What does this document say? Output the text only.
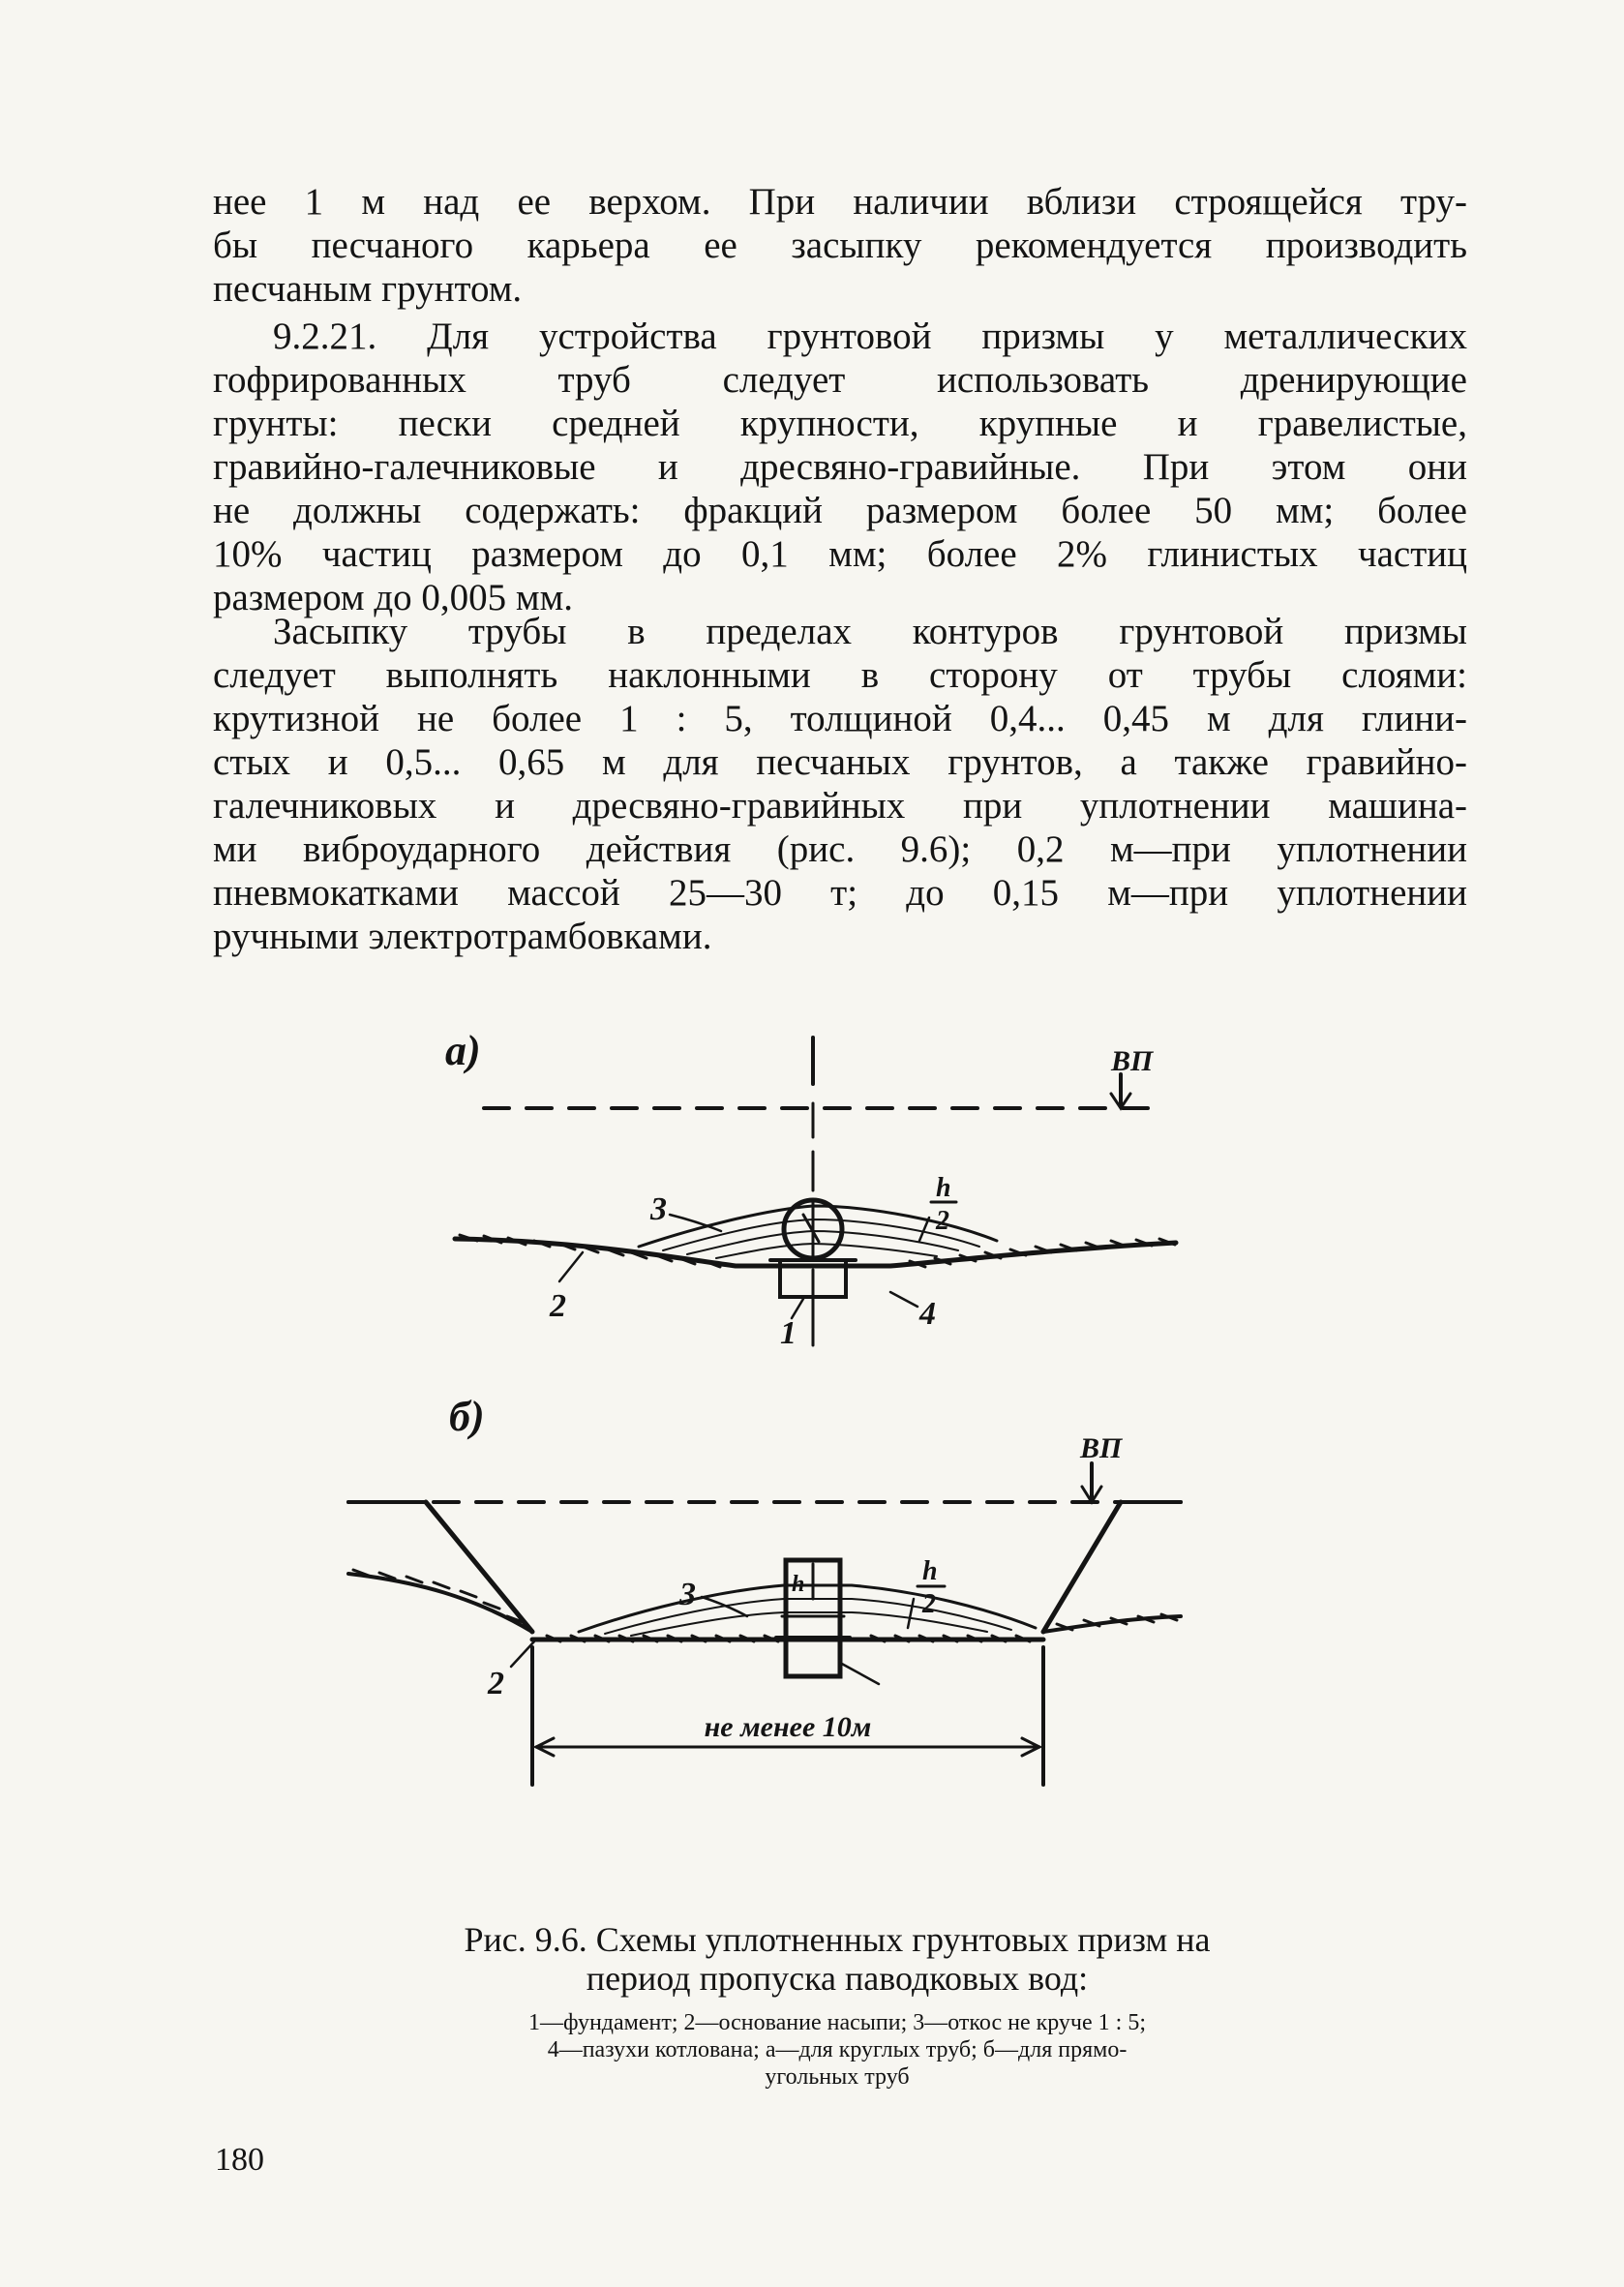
нее 1 м над ее верхом. При наличии вблизи строящейся тру-
бы песчаного карьера ее засыпку рекомендуется производить
песчаным грунтом.
9.2.21. Для устройства грунтовой призмы у металлических
гофрированных труб следует использовать дренирующие
грунты: пески средней крупности, крупные и гравелистые,
гравийно-галечниковые и дресвяно-гравийные. При этом они
не должны содержать: фракций размером более 50 мм; более
10% частиц размером до 0,1 мм; более 2% глинистых частиц
размером до 0,005 мм.
Засыпку трубы в пределах контуров грунтовой призмы
следует выполнять наклонными в сторону от трубы слоями:
крутизной не более 1 : 5, толщиной 0,4... 0,45 м для глини-
стых и 0,5... 0,65 м для песчаных грунтов, а также гравийно-
галечниковых и дресвяно-гравийных при уплотнении машина-
ми виброударного действия (рис. 9.6); 0,2 м—при уплотнении
пневмокатками массой 25—30 т; до 0,15 м—при уплотнении
ручными электротрамбовками.
а)	ВП
2
3
1
4
h
2
б)
ВП
2
3	h	h
2
не менее 10м

Рис. 9.6. Схемы уплотненных грунтовых призм на
период пропуска паводковых вод:

1—фундамент; 2—основание насыпи; 3—откос не круче 1 : 5;
4—пазухи котлована; а—для круглых труб; б—для прямо-
угольных труб

180
